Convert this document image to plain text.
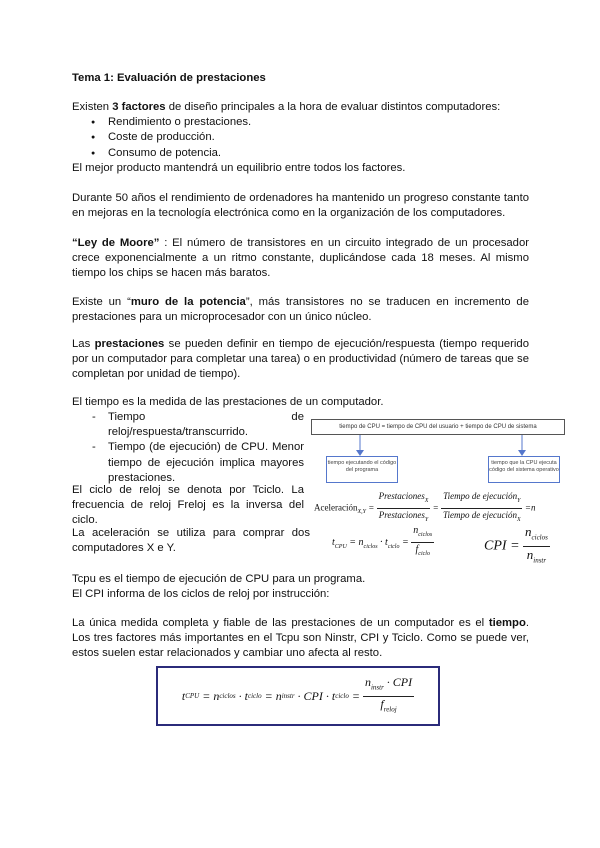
Tema 1: Evaluación de prestaciones
Existen 3 factores de diseño principales a la hora de evaluar distintos computadores:
● Rendimiento o prestaciones.
● Coste de producción.
● Consumo de potencia.
El mejor producto mantendrá un equilibrio entre todos los factores.
Durante 50 años el rendimiento de ordenadores ha mantenido un progreso constante tanto en mejoras en la tecnología electrónica como en la organización de los computadores.
“Ley de Moore” : El número de transistores en un circuito integrado de un procesador crece exponencialmente a un ritmo constante, duplicándose cada 18 meses. Al mismo tiempo los chips se hacen más baratos.
Existe un “muro de la potencia”, más transistores no se traducen en incremento de prestaciones para un microprocesador con un único núcleo.
Las prestaciones se pueden definir en tiempo de ejecución/respuesta (tiempo requerido por un computador para completar una tarea) o en productividad (número de tareas que se completan por unidad de tiempo).
El tiempo es la medida de las prestaciones de un computador.
- Tiempo de reloj/respuesta/transcurrido.
- Tiempo (de ejecución) de CPU. Menor tiempo de ejecución implica mayores prestaciones.
El ciclo de reloj se denota por Tciclo. La frecuencia de reloj Freloj es la inversa del ciclo.
La aceleración se utiliza para comprar dos computadores X e Y.
Tcpu es el tiempo de ejecución de CPU para un programa.
El CPI informa de los ciclos de reloj por instrucción:
La única medida completa y fiable de las prestaciones de un computador es el tiempo. Los tres factores más importantes en el Tcpu son Ninstr, CPI y Tciclo. Como se puede ver, estos suelen estar relacionados y cambiar uno afecta al resto.
tiempo de CPU = tiempo de CPU del usuario + tiempo de CPU de sistema
tiempo ejecutando el código del programa
tiempo que la CPU ejecuta código del sistema operativo
Aceleración$_{X,Y}$ = $\frac{Prestaciones_X}{Prestaciones_Y} = \frac{Tiempo de ejecución_Y}{Tiempo de ejecución_X} =n$
$t_{CPU} = n_{ciclos} \cdot t_{ciclo} = \frac{n_{ciclos}}{f_{ciclo}}$	CPI = $\frac{n_{ciclos}}{n_{instr}}$
t CPU = n ciclos · t ciclo = n instr · CPI · t ciclo = $\frac{n_{instr} \cdot CPI}{f_{reloj}}$
